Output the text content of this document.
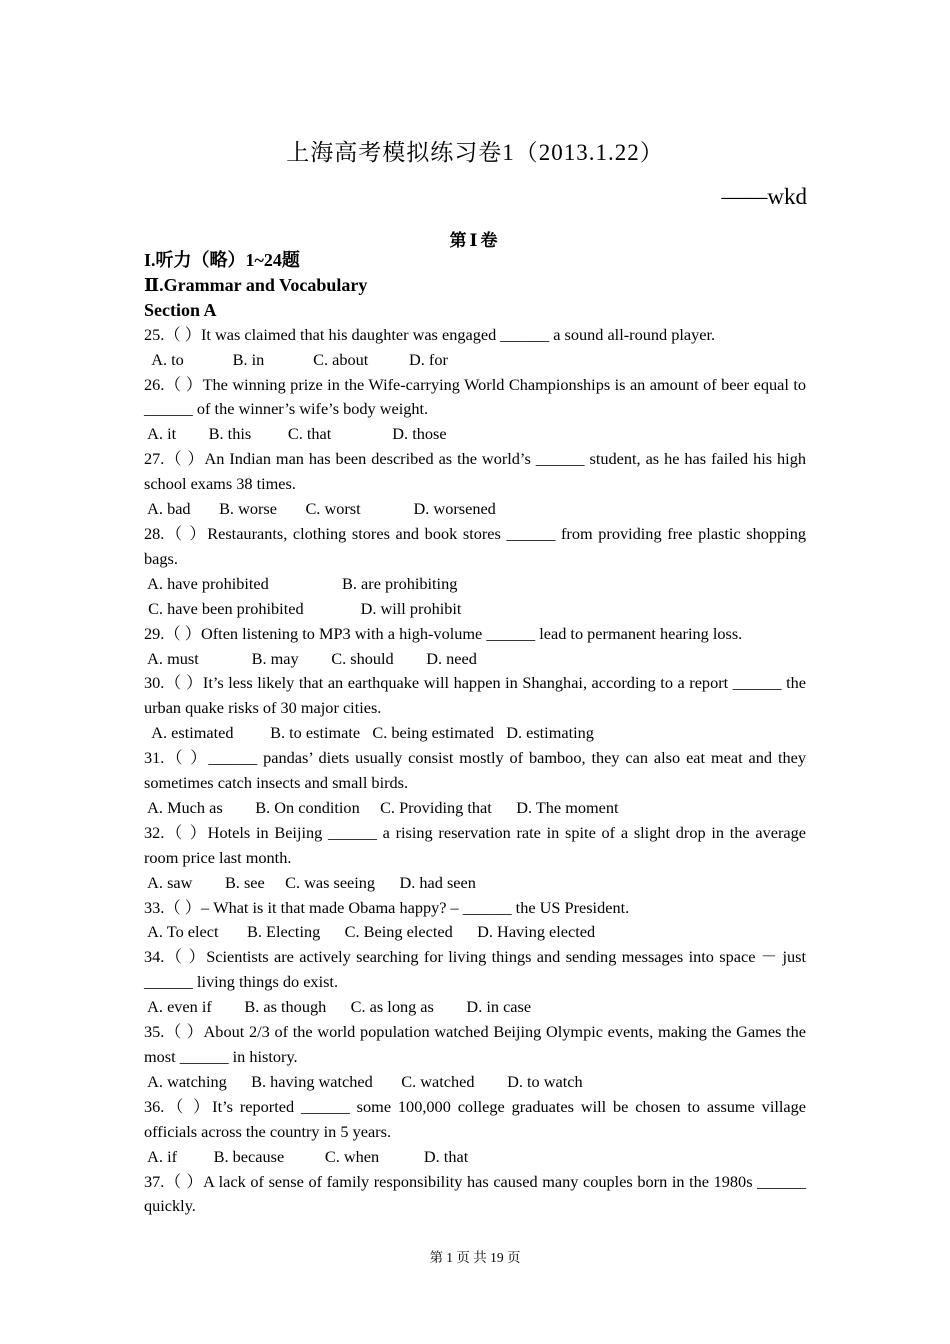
上海高考模拟练习卷1（2013.1.22）
——wkd
第Ⅰ卷

I.听力（略）1~24题

Ⅱ.Grammar and Vocabulary

Section A

25.（ ）It was claimed that his daughter was engaged ______ a sound all-round player.

A. to            B. in            C. about          D. for

26.（ ）The winning prize in the Wife-carrying World Championships is an amount of beer equal to ______ of the winner’s wife’s body weight.

A. it        B. this         C. that               D. those

27.（ ）An Indian man has been described as the world’s ______ student, as he has failed his high school exams 38 times.

A. bad       B. worse       C. worst             D. worsened

28.（ ）Restaurants, clothing stores and book stores ______ from providing free plastic shopping bags.

A. have prohibited                  B. are prohibiting

C. have been prohibited              D. will prohibit

29.（ ）Often listening to MP3 with a high-volume ______ lead to permanent hearing loss.

A. must             B. may        C. should        D. need

30.（ ）It’s less likely that an earthquake will happen in Shanghai, according to a report ______ the urban quake risks of 30 major cities.

A. estimated         B. to estimate   C. being estimated   D. estimating

31.（ ）______ pandas’ diets usually consist mostly of bamboo, they can also eat meat and they sometimes catch insects and small birds.

A. Much as        B. On condition     C. Providing that      D. The moment

32.（ ）Hotels in Beijing ______ a rising reservation rate in spite of a slight drop in the average room price last month.

A. saw        B. see     C. was seeing      D. had seen

33.（ ）– What is it that made Obama happy? – ______ the US President.

A. To elect       B. Electing      C. Being elected      D. Having elected

34.（ ）Scientists are actively searching for living things and sending messages into space － just ______ living things do exist.

A. even if        B. as though      C. as long as        D. in case

35.（ ）About 2/3 of the world population watched Beijing Olympic events, making the Games the most ______ in history.

A. watching      B. having watched       C. watched        D. to watch

36.（ ）It’s reported ______ some 100,000 college graduates will be chosen to assume village officials across the country in 5 years.

A. if         B. because          C. when           D. that

37.（ ）A lack of sense of family responsibility has caused many couples born in the 1980s ______ quickly.

第 1 页 共 19 页
